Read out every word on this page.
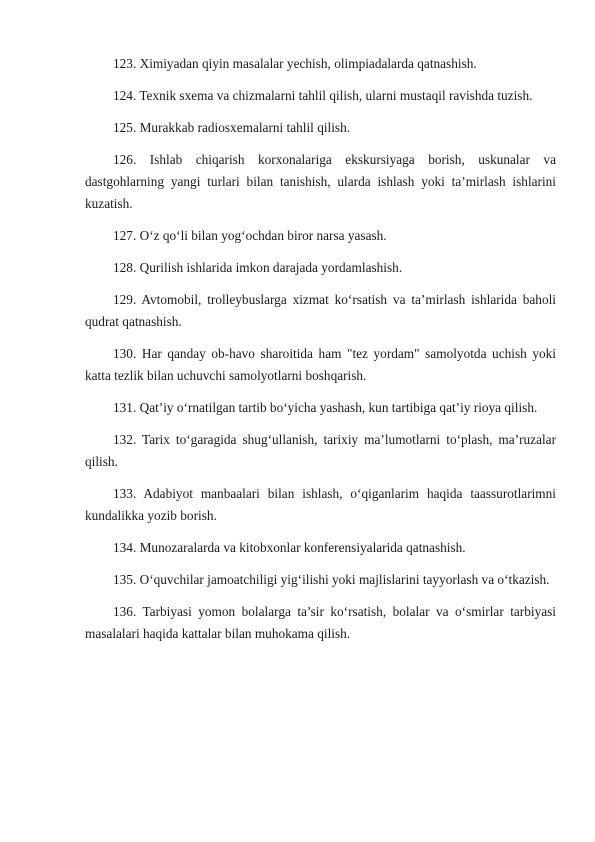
123. Ximiyadan qiyin masalalar yechish, olimpiadalarda qatnashish.

124. Texnik sxema va chizmalarni tahlil qilish, ularni mustaqil ravishda tuzish.

125. Murakkab radiosxemalarni tahlil qilish.

126. Ishlab chiqarish korxonalariga ekskursiyaga borish, uskunalar va dastgohlarning yangi turlari bilan tanishish, ularda ishlash yoki ta’mirlash ishlarini kuzatish.

127. O‘z qo‘li bilan yog‘ochdan biror narsa yasash.

128. Qurilish ishlarida imkon darajada yordamlashish.

129. Avtomobil, trolleybuslarga xizmat ko‘rsatish va ta’mirlash ishlarida baholi qudrat qatnashish.

130. Har qanday ob-havo sharoitida ham "tez yordam" samolyotda uchish yoki katta tezlik bilan uchuvchi samolyotlarni boshqarish.

131. Qat’iy o‘rnatilgan tartib bo‘yicha yashash, kun tartibiga qat’iy rioya qilish.

132. Tarix to‘garagida shug‘ullanish, tarixiy ma’lumotlarni to‘plash, ma’ruzalar qilish.

133. Adabiyot manbaalari bilan ishlash, o‘qiganlarim haqida taassurotlarimni kundalikka yozib borish.

134. Munozaralarda va kitobxonlar konferensiyalarida qatnashish.

135. O‘quvchilar jamoatchiligi yig‘ilishi yoki majlislarini tayyorlash va o‘tkazish.

136. Tarbiyasi yomon bolalarga ta’sir ko‘rsatish, bolalar va o‘smirlar tarbiyasi masalalari haqida kattalar bilan muhokama qilish.
